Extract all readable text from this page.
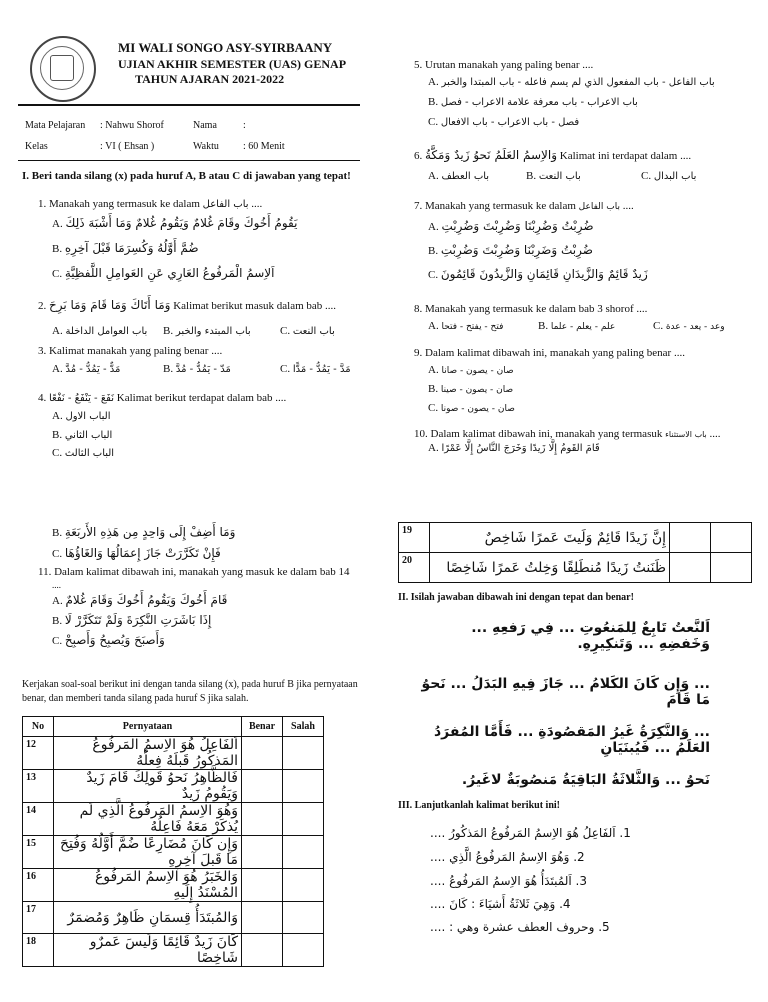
MI WALI SONGO ASY-SYIRBAANY
UJIAN AKHIR SEMESTER (UAS) GENAP
TAHUN AJARAN 2021-2022
Mata Pelajaran : Nahwu Shorof	Nama	:
Kelas	: VI ( Ehsan )	Waktu : 60 Menit
I. Beri tanda silang (x) pada huruf A, B atau C di jawaban yang tepat!
1. Manakah yang termasuk ke dalam باب الفاعل ....
A. يَقُومُ أَخُوكَ وقَامَ غُلامٌ وَيَقُومُ غُلامٌ وَمَا أَشْبَهَ ذَلِكَ
B. ضُمَّ أَوَّلُهُ وَكُسِرَمَا قَبْلَ آخِرِهِ
C. اَلاِسمُ الْمَرفُوعُ العَارِي عَنِ العَوامِلِ اللَّفظِيَّةِ
2. وَمَا أَتَاكَ وَمَا قَامَ وَمَا بَرِحَ Kalimat berikut masuk dalam bab ....
A. باب العوامل الداخلة B. باب المبتدء والخبر	C. باب النعت
3. Kalimat manakah yang paling benar ....
A. مَدٌّ - يَمُدُّ - مُدَّ	B. مَدّ - يَمُدُّ - مُدَّ	C. مَدَّ - يَمُدُّ - مَدًّا
4. نَفَعَ - يَنْفَعُ - نَفْعًا Kalimat berikut terdapat dalam bab ....
A. الباب الاول
B. الباب الثاني
C. الباب الثالث
5. Urutan manakah yang paling benar ....
A. باب الفاعل - باب المفعول الذي لم يسم فاعله - باب المبتدا والخبر
B. باب الاعراب - باب معرفة علامة الاعراب - فصل
C. فصل - باب الاعراب - باب الافعال
6. وَالاِسمُ العَلَمُ نَحوُ زَيدٌ وَمَكَّةُ Kalimat ini terdapat dalam ....
A. باب العطف	B. باب النعت	C. باب البدال
7. Manakah yang termasuk ke dalam باب الفاعل ....
A. ضُرِبْتُ وَضُرِبْنَا وَضُرِبْتَ وَضُرِبْتِ
B. ضُرِبْتُ وَضَرِبْنَا وَضُرِبْتَ وَضُرِبْتِ
C. زَيدٌ قَائِمٌ وَالزَّيدَانِ قَائِمَانِ وَالزَّيدُونَ قَائِمُونَ
8. Manakah yang termasuk ke dalam bab 3 shorof ....
A. فتح - يفتح - فتحا	B. علم - يعلم - علما	C. وعد - يعد - عدة
9. Dalam kalimat dibawah ini, manakah yang paling benar ....
A. صان - يصون - صانا
B. صان - يصون - صينا
C. صان - يصون - صونا
10. Dalam kalimat dibawah ini, manakah yang termasuk باب الاستثناء ....
A. قَامَ القَومُ إِلَّا زَيدًا وَخَرَجَ النَّاسُ إِلَّا عَمْرًا
B. وَمَا أَضِفْ إِلَى وَاحِدٍ مِن هَذِهِ الأَربَعَةِ
C. فَإِنْ تَكَرَّرَتْ جَازَ إِعمَالُهَا وَالغَاؤُهَا
11. Dalam kalimat dibawah ini, manakah yang masuk ke dalam bab 14
....
A. قَامَ أَخُوكَ وَيَقُومُ أَخُوكَ وَقَامَ غُلامٌ
B. إِذَا بَاشَرَتِ النَّكِرَةَ وَلَمْ تَتَكَرَّرْ لَا
C. وَأَصبَحَ وَيُصبِحُ وَأَصبِحْ
Kerjakan soal-soal berikut ini dengan tanda silang (x), pada huruf B jika pernyataan benar, dan memberi tanda silang pada huruf S jika salah.
No	Pernyataan	Benar	Salah
12	اَلفَاعِلُ هُوَ الاِسمُ المَرفُوعُ المَذكُورُ قَبلَهُ فِعلُهُ		
13	فَالظَّاهِرُ نَحوُ قَولِكَ قَامَ زَيدٌ وَيَقُومُ زَيدٌ		
14	وَهُوَ الاِسمُ المَرفُوعُ الَّذِي لَم يُذكَرْ مَعَهُ فَاعِلُهُ		
15	وَإِن كَانَ مُضَارِعًا ضُمَّ أَوَّلُهُ وَفُتِحَ مَا قَبلَ آخِرِهِ		
16	وَالخَبَرُ هُوَ الاِسمُ المَرفُوعُ المُسْنَدُ إِلَيهِ		
17	وَالمُبتَدَأُ قِسمَانِ ظَاهِرٌ وَمُضمَرٌ		
18	كَانَ زَيدٌ قَائِمًا وَلَيسَ عَمرٌو شَاخِصًا		
19	إِنَّ زَيدًا قَائِمٌ وَلَيتَ عَمرًا شَاخِصٌ		
20	ظَنَنتُ زَيدًا مُنطَلِقًا وَخِلتُ عَمرًا شَاخِصًا		
II. Isilah jawaban dibawah ini dengan tepat dan benar!
اَلنَّعتُ تَابِعٌ لِلمَنعُوتِ ... فِي رَفعِهِ ... وَخَفضِهِ ... وَتَنكِيرِهِ.
... وَإِن كَانَ الكَلامُ ... جَازَ فِيهِ البَدَلُ ... نَحوُ مَا قَامَ
... وَالنَّكِرَةُ غَيرُ المَقصُودَةِ ... فَأَمَّا المُفرَدُ العَلَمُ ... فَيُبنَيَانِ
نَحوُ ... وَالثَّلاثَةُ البَاقِيَةُ مَنصُوبَةٌ لاغَيرُ.
III. Lanjutkanlah kalimat berikut ini!
1. اَلفَاعِلُ هُوَ الاِسمُ المَرفُوعُ المَذكُورُ ....
2. وَهُوَ الاِسمُ المَرفُوعُ الَّذِي ....
3. اَلمُبتَدَأُ هُوَ الاِسمُ المَرفُوعُ ....
4. وَهِيَ ثَلاثَةُ أَشيَاءَ : كَانَ ....
5. وحروف العطف عشرة وهي : ....
